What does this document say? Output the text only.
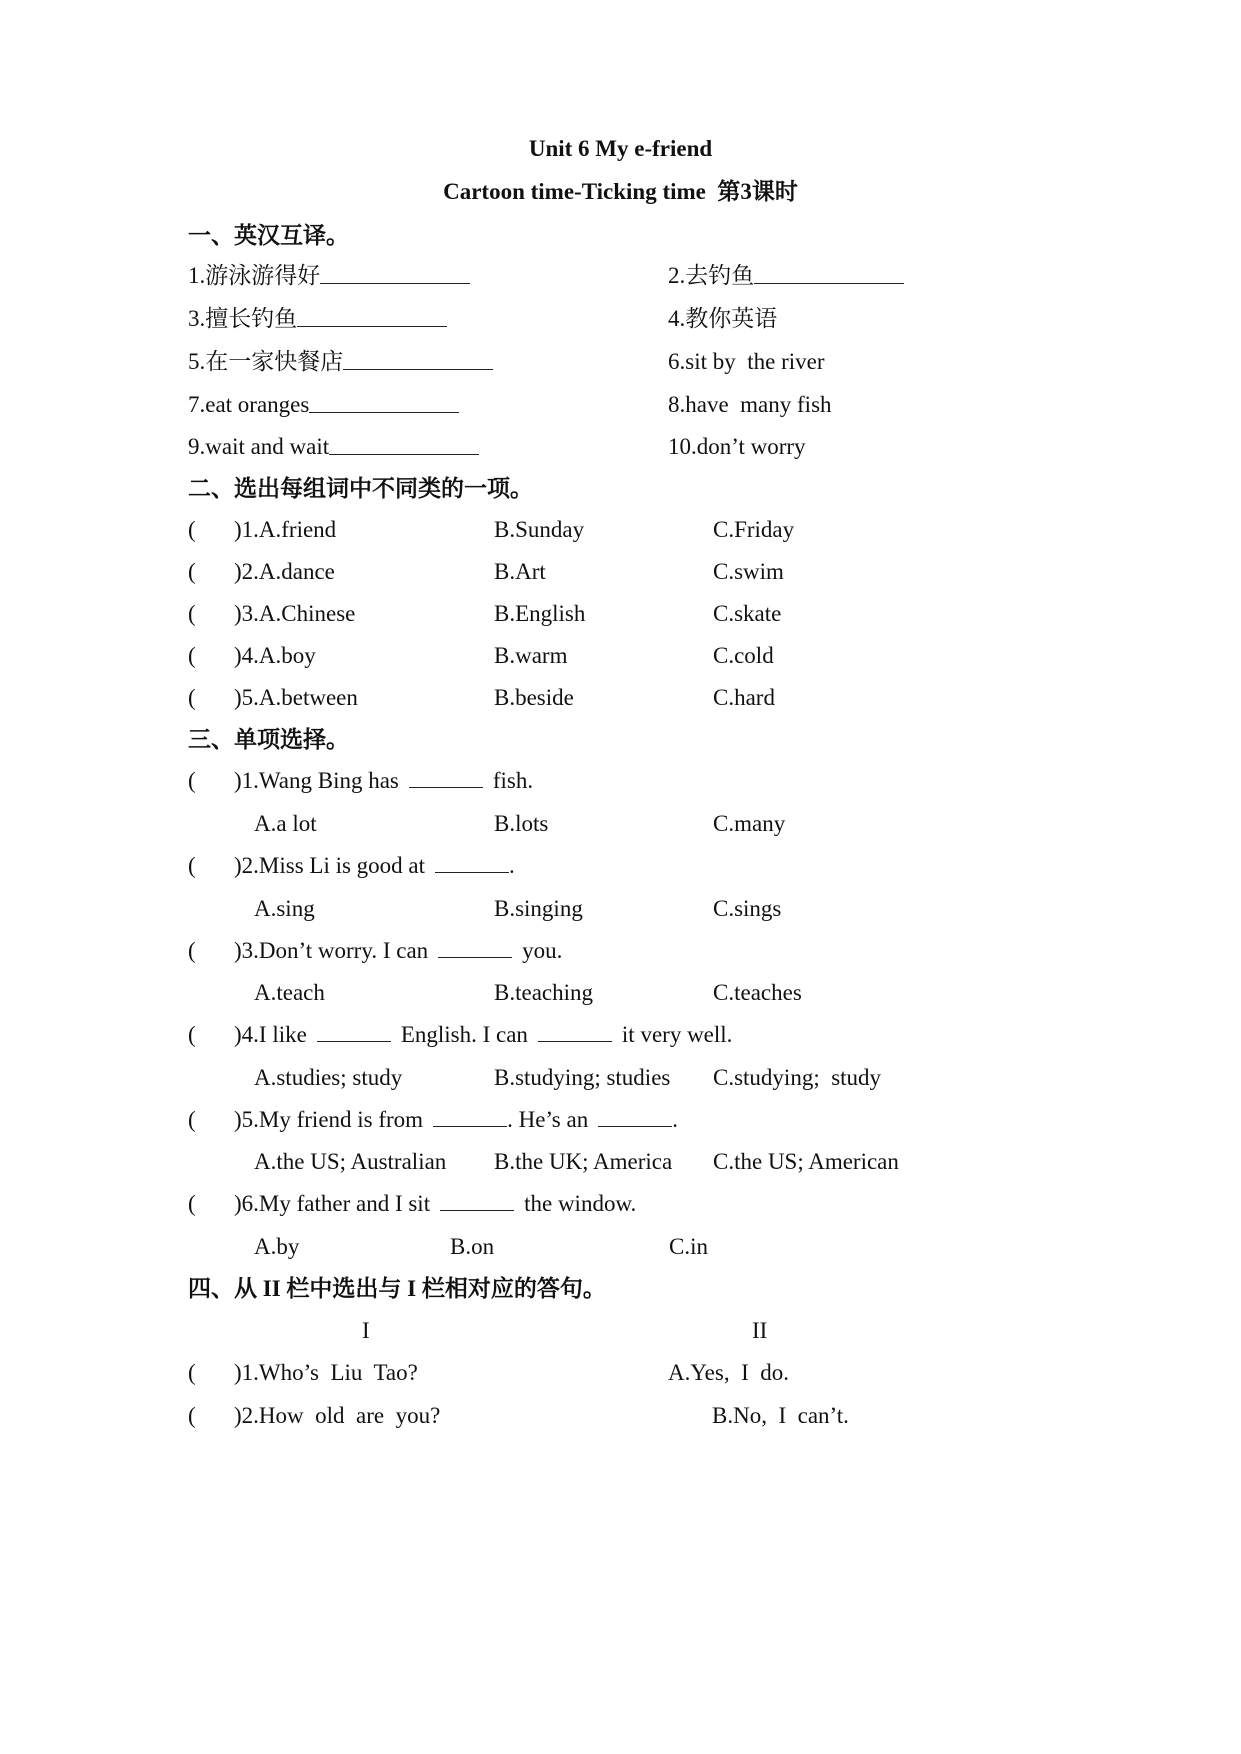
Unit 6 My e-friend
Cartoon time-Ticking time  第3课时
一、英汉互译。
1.游泳游得好	2.去钓鱼
3.擅长钓鱼	4.教你英语
5.在一家快餐店	6.sit by  the river
7.eat oranges	8.have  many fish
9.wait and wait	10.don’t worry
二、选出每组词中不同类的一项。
( )1.A.friend	B.Sunday	C.Friday
( )2.A.dance	B.Art	C.swim
( )3.A.Chinese	B.English	C.skate
( )4.A.boy	B.warm	C.cold
( )5.A.between	B.beside	C.hard
三、单项选择。
( )1.Wang Bing has	fish.
A.a lot	B.lots	C.many
( )2.Miss Li is good at	.
A.sing	B.singing	C.sings
( )3.Don’t worry. I can	you.
A.teach	B.teaching	C.teaches
( )4.I like	English. I can	it very well.
A.studies; study	B.studying; studies C.studying;  study
( )5.My friend is from	. He’s an	.
A.the US; Australian B.the UK; America C.the US; American
( )6.My father and I sit	the window.
A.by	B.on	C.in
四、从 II 栏中选出与 I 栏相对应的答句。
I	II
( )1.Who’s  Liu  Tao?	A.Yes,  I  do.
( )2.How  old  are  you?	B.No,  I  can’t.
